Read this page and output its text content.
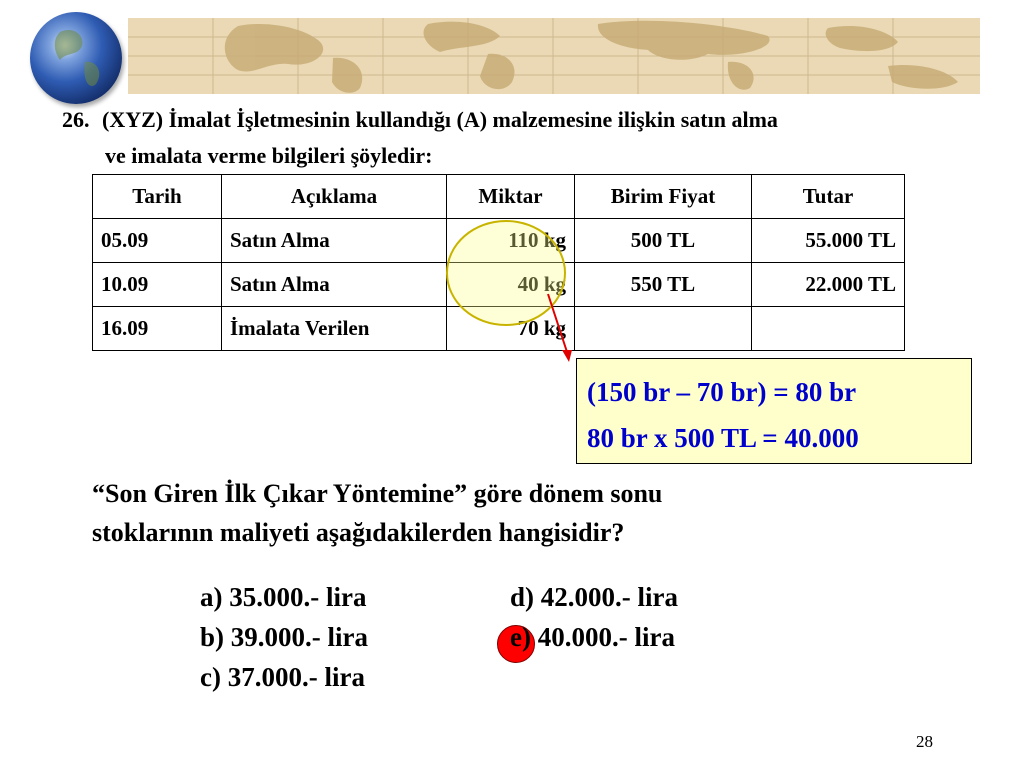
26. (XYZ) İmalat İşletmesinin kullandığı (A) malzemesine ilişkin satın alma
ve imalata verme bilgileri şöyledir:
Tarih	Açıklama	Miktar	Birim Fiyat	Tutar
05.09	Satın Alma	110 kg	500 TL	55.000 TL
10.09	Satın Alma	40 kg	550 TL	22.000 TL
16.09	İmalata Verilen	70 kg		
(150 br – 70 br) = 80 br
80 br x 500 TL = 40.000
“Son Giren İlk Çıkar Yöntemine” göre dönem sonu
stoklarının maliyeti aşağıdakilerden hangisidir?
a) 35.000.- lira
b) 39.000.- lira
c) 37.000.- lira
d) 42.000.- lira
e) 40.000.- lira
28
